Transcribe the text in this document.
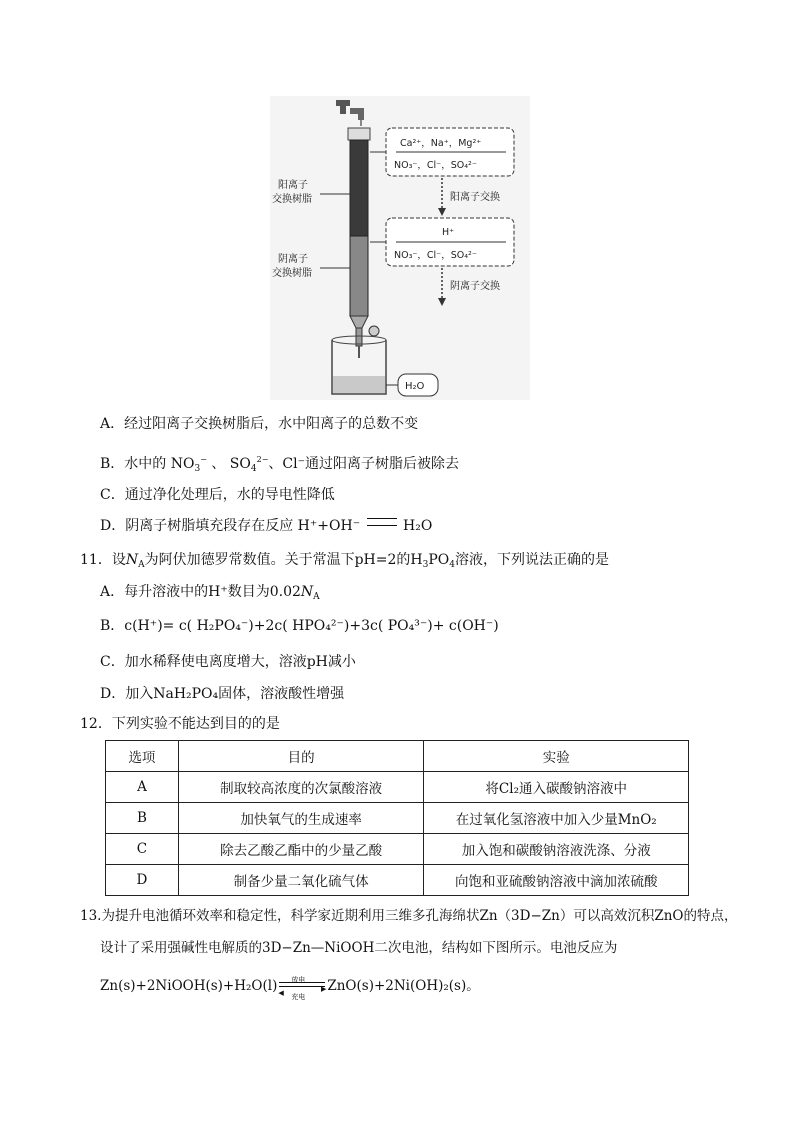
阳离子
交换树脂
阴离子
交换树脂
Ca²⁺，Na⁺，Mg²⁺
NO₃⁻，Cl⁻，SO₄²⁻
阳离子交换
H⁺
NO₃⁻，Cl⁻，SO₄²⁻
阴离子交换
H₂O
A．经过阳离子交换树脂后，水中阳离子的总数不变
B．水中的 $NO_3^-$ 、 $SO_4^{2-}$、Cl⁻通过阳离子树脂后被除去
C．通过净化处理后，水的导电性降低
D．阴离子树脂填充段存在反应 H⁺+OH⁻	H₂O
11．设$N_A$为阿伏加德罗常数值。关于常温下pH=2的$H_3PO_4$溶液，下列说法正确的是
A．每升溶液中的H⁺数目为$0.02N_A$
B．c(H⁺)= c( H₂PO₄⁻)+2c( HPO₄²⁻)+3c( PO₄³⁻)+ c(OH⁻)
C．加水稀释使电离度增大，溶液pH减小
D．加入NaH₂PO₄固体，溶液酸性增强
12．下列实验不能达到目的的是
选项	目的	实验
A	制取较高浓度的次氯酸溶液	将Cl₂通入碳酸钠溶液中
B	加快氧气的生成速率	在过氧化氢溶液中加入少量MnO₂
C	除去乙酸乙酯中的少量乙酸	加入饱和碳酸钠溶液洗涤、分液
D	制备少量二氧化硫气体	向饱和亚硫酸钠溶液中滴加浓硫酸
13.为提升电池循环效率和稳定性，科学家近期利用三维多孔海绵状Zn（3D−Zn）可以高效沉积ZnO的特点，
设计了采用强碱性电解质的3D−Zn—NiOOH二次电池，结构如下图所示。电池反应为
Zn(s)+2NiOOH(s)+H₂O(l) 放电
▶
◀ 充电
ZnO(s)+2Ni(OH)₂(s)。
